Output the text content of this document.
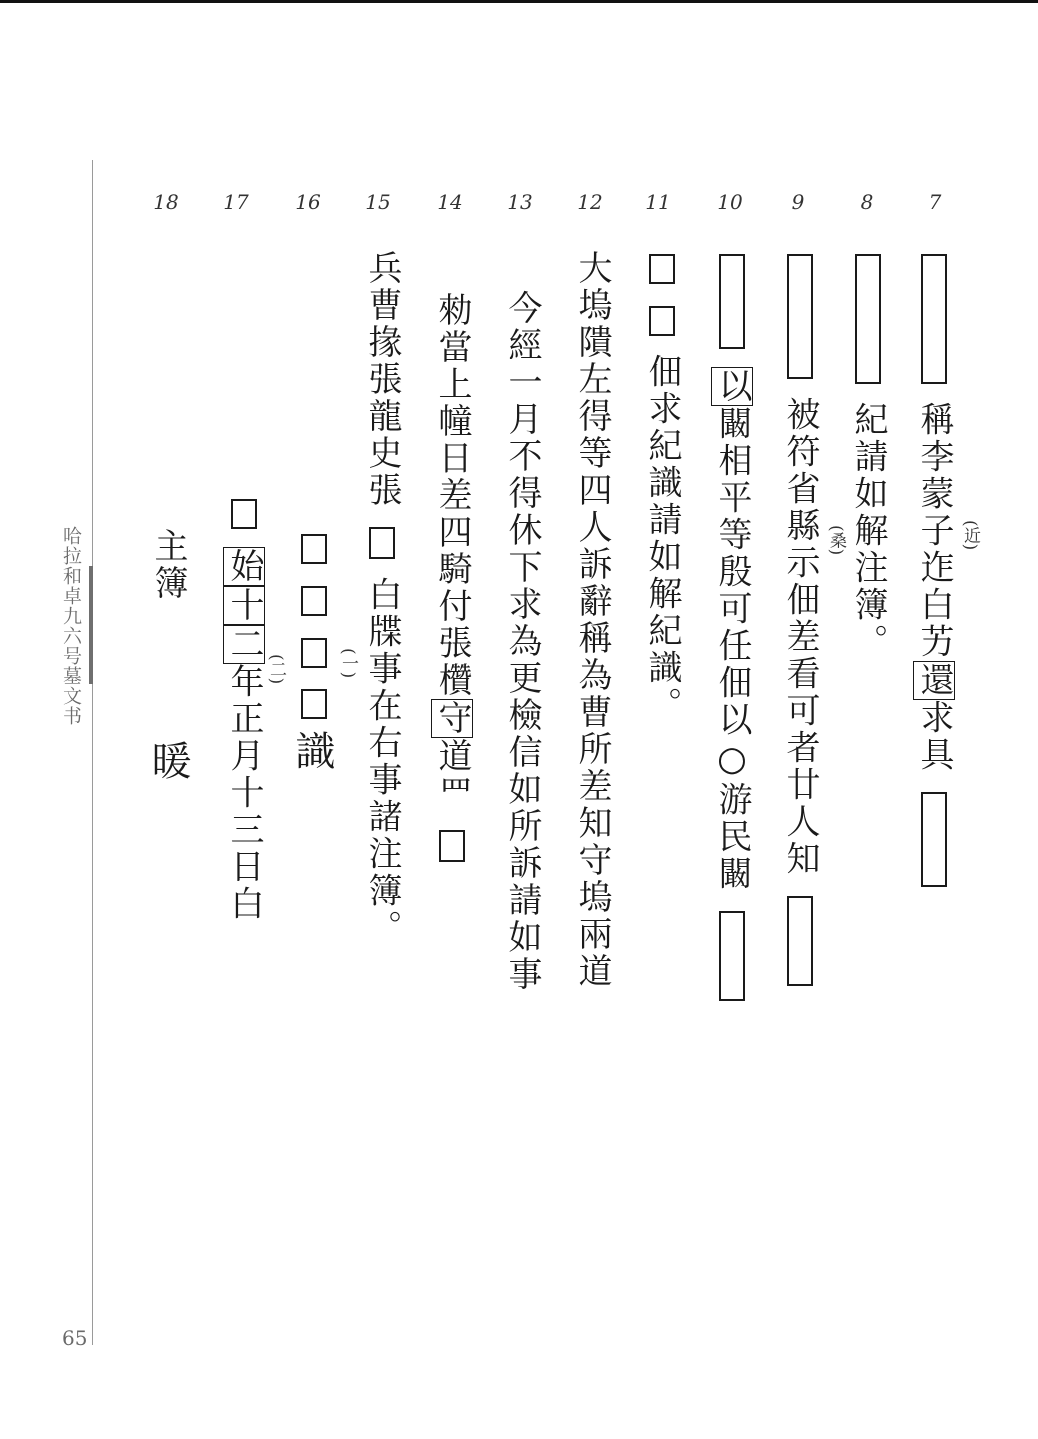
哈拉和卓九六号墓文书
65
7
8
9
10
11
12
13
14
15
16
17
18
稱李蒙子迮白艻還求具
(近)
紀請如解注簿。
被符省縣示佃差看可者廿人知
(桑)
以闞相平等殷可任佃以○游民闞
佃求紀識請如解紀識。
大塢隤左得等四人訴辭稱為曹所差知守塢兩道
今經一月不得休下求為更檢信如所訴請如事
勑當上幢日差四騎付張欑守道罒
兵曹掾張龍史張  白牒事在右事諸注簿。
(一)

識
(二)
始十二年正月十三日白
主簿
暖
